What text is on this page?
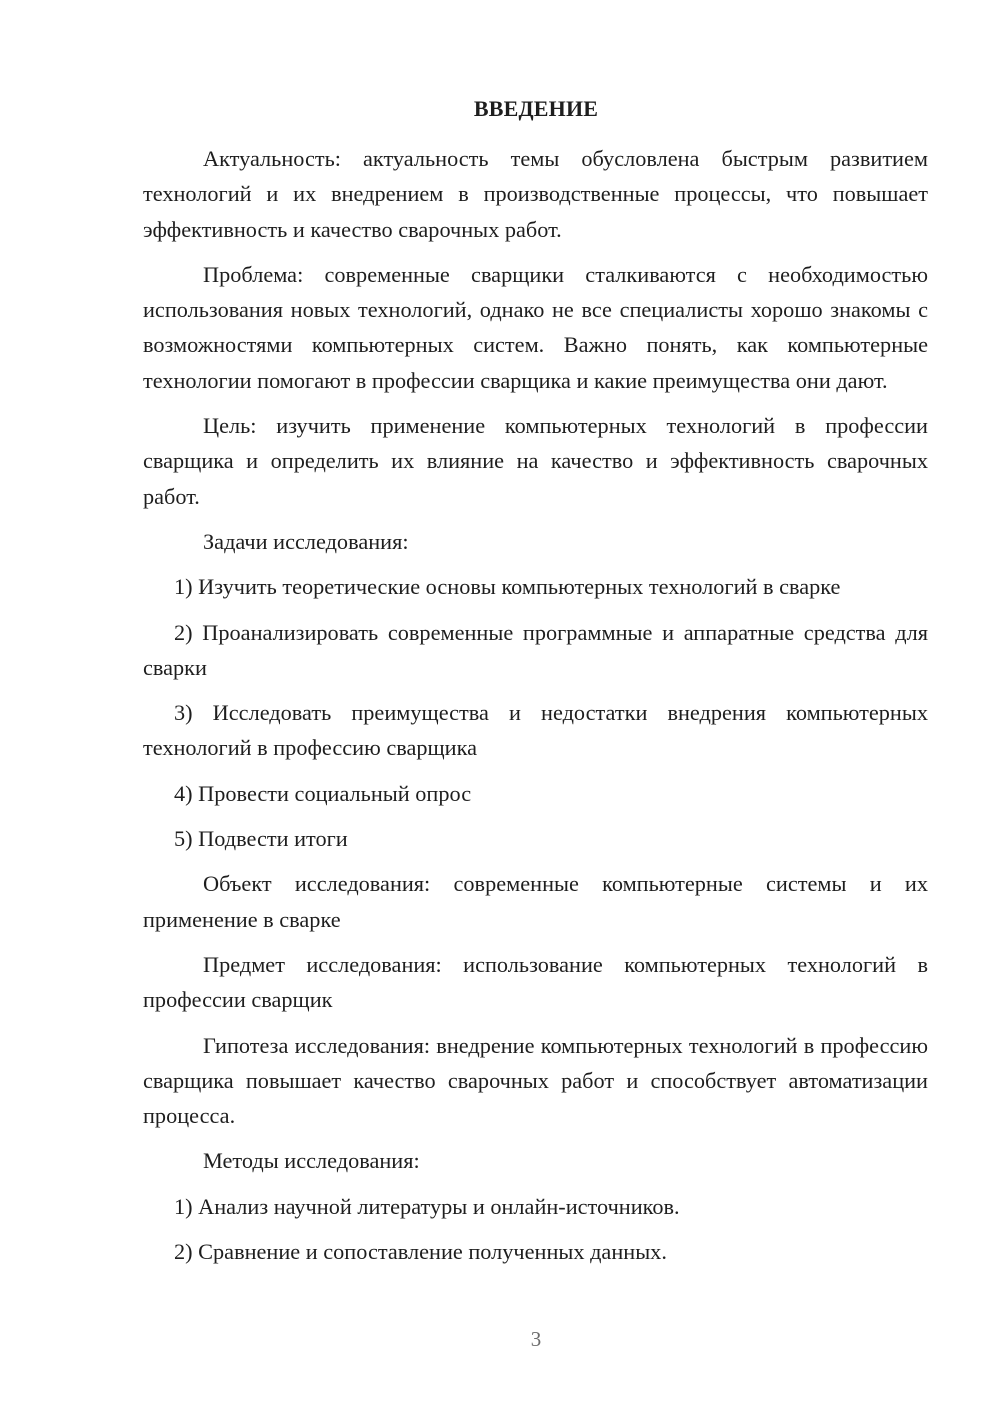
ВВЕДЕНИЕ

Актуальность: актуальность темы обусловлена быстрым развитием технологий и их внедрением в производственные процессы, что повышает эффективность и качество сварочных работ.

Проблема: современные сварщики сталкиваются с необходимостью использования новых технологий, однако не все специалисты хорошо знакомы с возможностями компьютерных систем. Важно понять, как компьютерные технологии помогают в профессии сварщика и какие преимущества они дают.

Цель: изучить применение компьютерных технологий в профессии сварщика и определить их влияние на качество и эффективность сварочных работ.

Задачи исследования:

1) Изучить теоретические основы компьютерных технологий в сварке

2) Проанализировать современные программные и аппаратные средства для сварки

3) Исследовать преимущества и недостатки внедрения компьютерных технологий в профессию сварщика

4) Провести социальный опрос

5) Подвести итоги

Объект исследования: современные компьютерные системы и их применение в сварке

Предмет исследования: использование компьютерных технологий в профессии сварщик

Гипотеза исследования: внедрение компьютерных технологий в профессию сварщика повышает качество сварочных работ и способствует автоматизации процесса.

Методы исследования:

1) Анализ научной литературы и онлайн-источников.

2) Сравнение и сопоставление полученных данных.

3
